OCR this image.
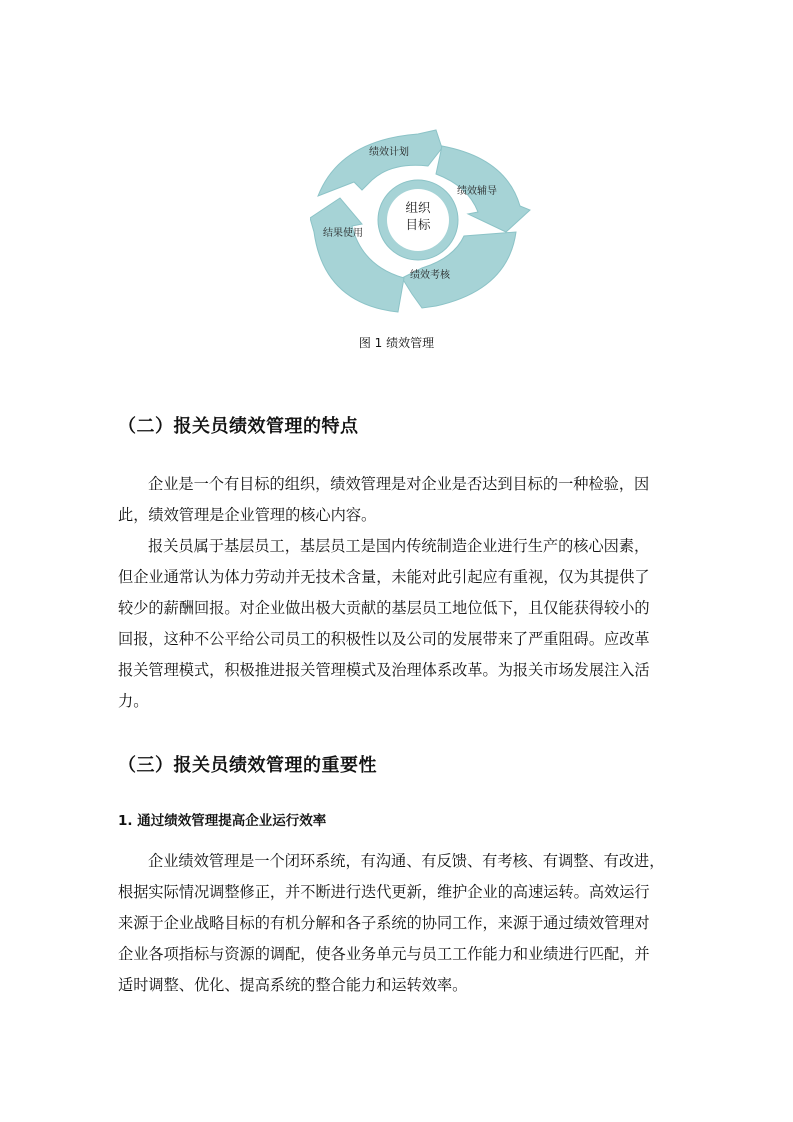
组织
目标
绩效计划
绩效辅导
绩效考核
结果使用
图 1 绩效管理
（二）报关员绩效管理的特点
企业是一个有目标的组织，绩效管理是对企业是否达到目标的一种检验，因
此，绩效管理是企业管理的核心内容。
报关员属于基层员工，基层员工是国内传统制造企业进行生产的核心因素，
但企业通常认为体力劳动并无技术含量，未能对此引起应有重视，仅为其提供了
较少的薪酬回报。对企业做出极大贡献的基层员工地位低下，且仅能获得较小的
回报，这种不公平给公司员工的积极性以及公司的发展带来了严重阻碍。应改革
报关管理模式，积极推进报关管理模式及治理体系改革。为报关市场发展注入活
力。
（三）报关员绩效管理的重要性
1. 通过绩效管理提高企业运行效率
企业绩效管理是一个闭环系统，有沟通、有反馈、有考核、有调整、有改进，
根据实际情况调整修正，并不断进行迭代更新，维护企业的高速运转。高效运行
来源于企业战略目标的有机分解和各子系统的协同工作，来源于通过绩效管理对
企业各项指标与资源的调配，使各业务单元与员工工作能力和业绩进行匹配，并
适时调整、优化、提高系统的整合能力和运转效率。
